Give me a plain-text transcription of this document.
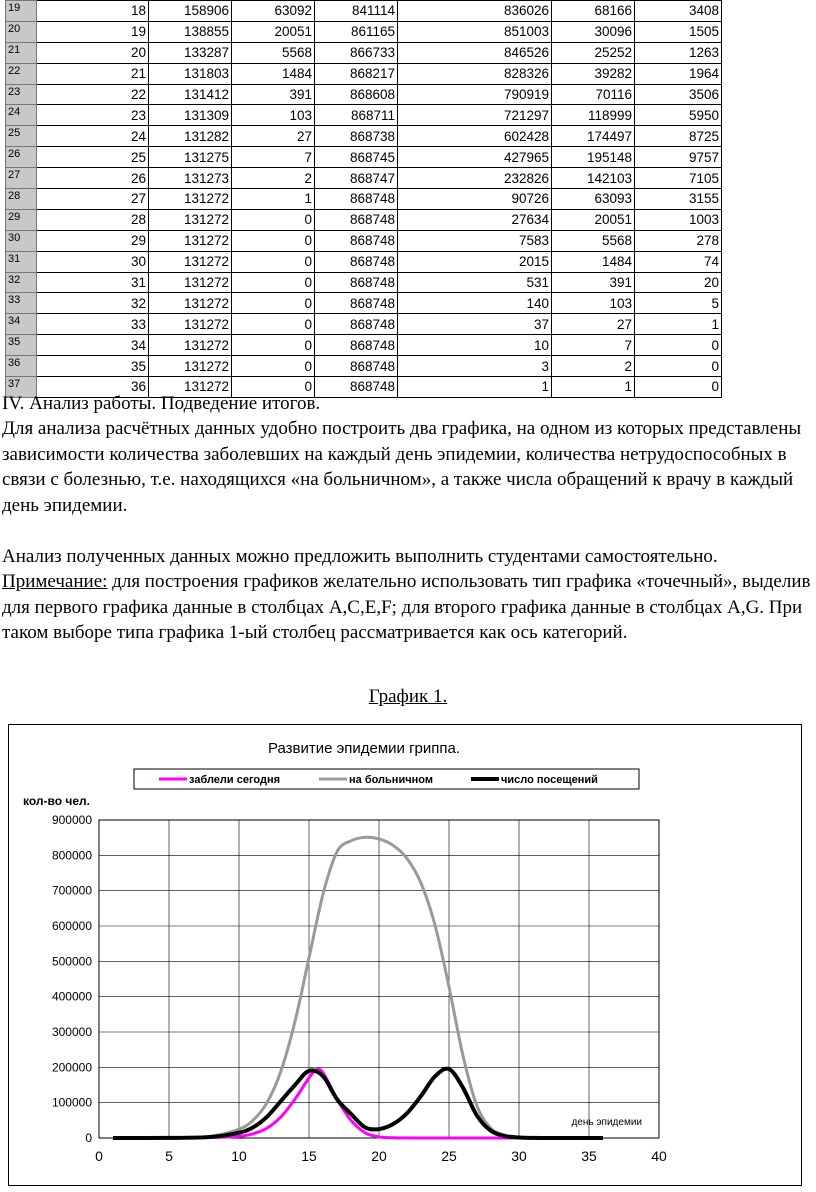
19	18	158906	63092	841114	836026	68166	3408
20	19	138855	20051	861165	851003	30096	1505
21	20	133287	5568	866733	846526	25252	1263
22	21	131803	1484	868217	828326	39282	1964
23	22	131412	391	868608	790919	70116	3506
24	23	131309	103	868711	721297	118999	5950
25	24	131282	27	868738	602428	174497	8725
26	25	131275	7	868745	427965	195148	9757
27	26	131273	2	868747	232826	142103	7105
28	27	131272	1	868748	90726	63093	3155
29	28	131272	0	868748	27634	20051	1003
30	29	131272	0	868748	7583	5568	278
31	30	131272	0	868748	2015	1484	74
32	31	131272	0	868748	531	391	20
33	32	131272	0	868748	140	103	5
34	33	131272	0	868748	37	27	1
35	34	131272	0	868748	10	7	0
36	35	131272	0	868748	3	2	0
37	36	131272	0	868748	1	1	0
IV. Анализ работы. Подведение итогов.
Для анализа расчётных данных удобно построить два графика, на одном из которых представлены зависимости количества заболевших на каждый день эпидемии, количества нетрудоспособных в связи с болезнью, т.е. находящихся «на больничном», а также числа обращений к врачу в каждый день эпидемии.
Анализ полученных данных можно предложить выполнить студентами самостоятельно.
Примечание: для построения графиков желательно использовать тип графика «точечный», выделив для первого графика данные в столбцах A,C,E,F; для второго графика данные в столбцах A,G. При таком выборе типа графика 1-ый столбец рассматривается как ось категорий.
График 1.
Развитие эпидемии гриппа.
заблели сегодня	на больничном	число посещений
кол-во чел.
0
100000
200000
300000
400000
500000
600000
700000
800000
900000
0	5	10	15	20	25	30	35	40
день эпидемии
